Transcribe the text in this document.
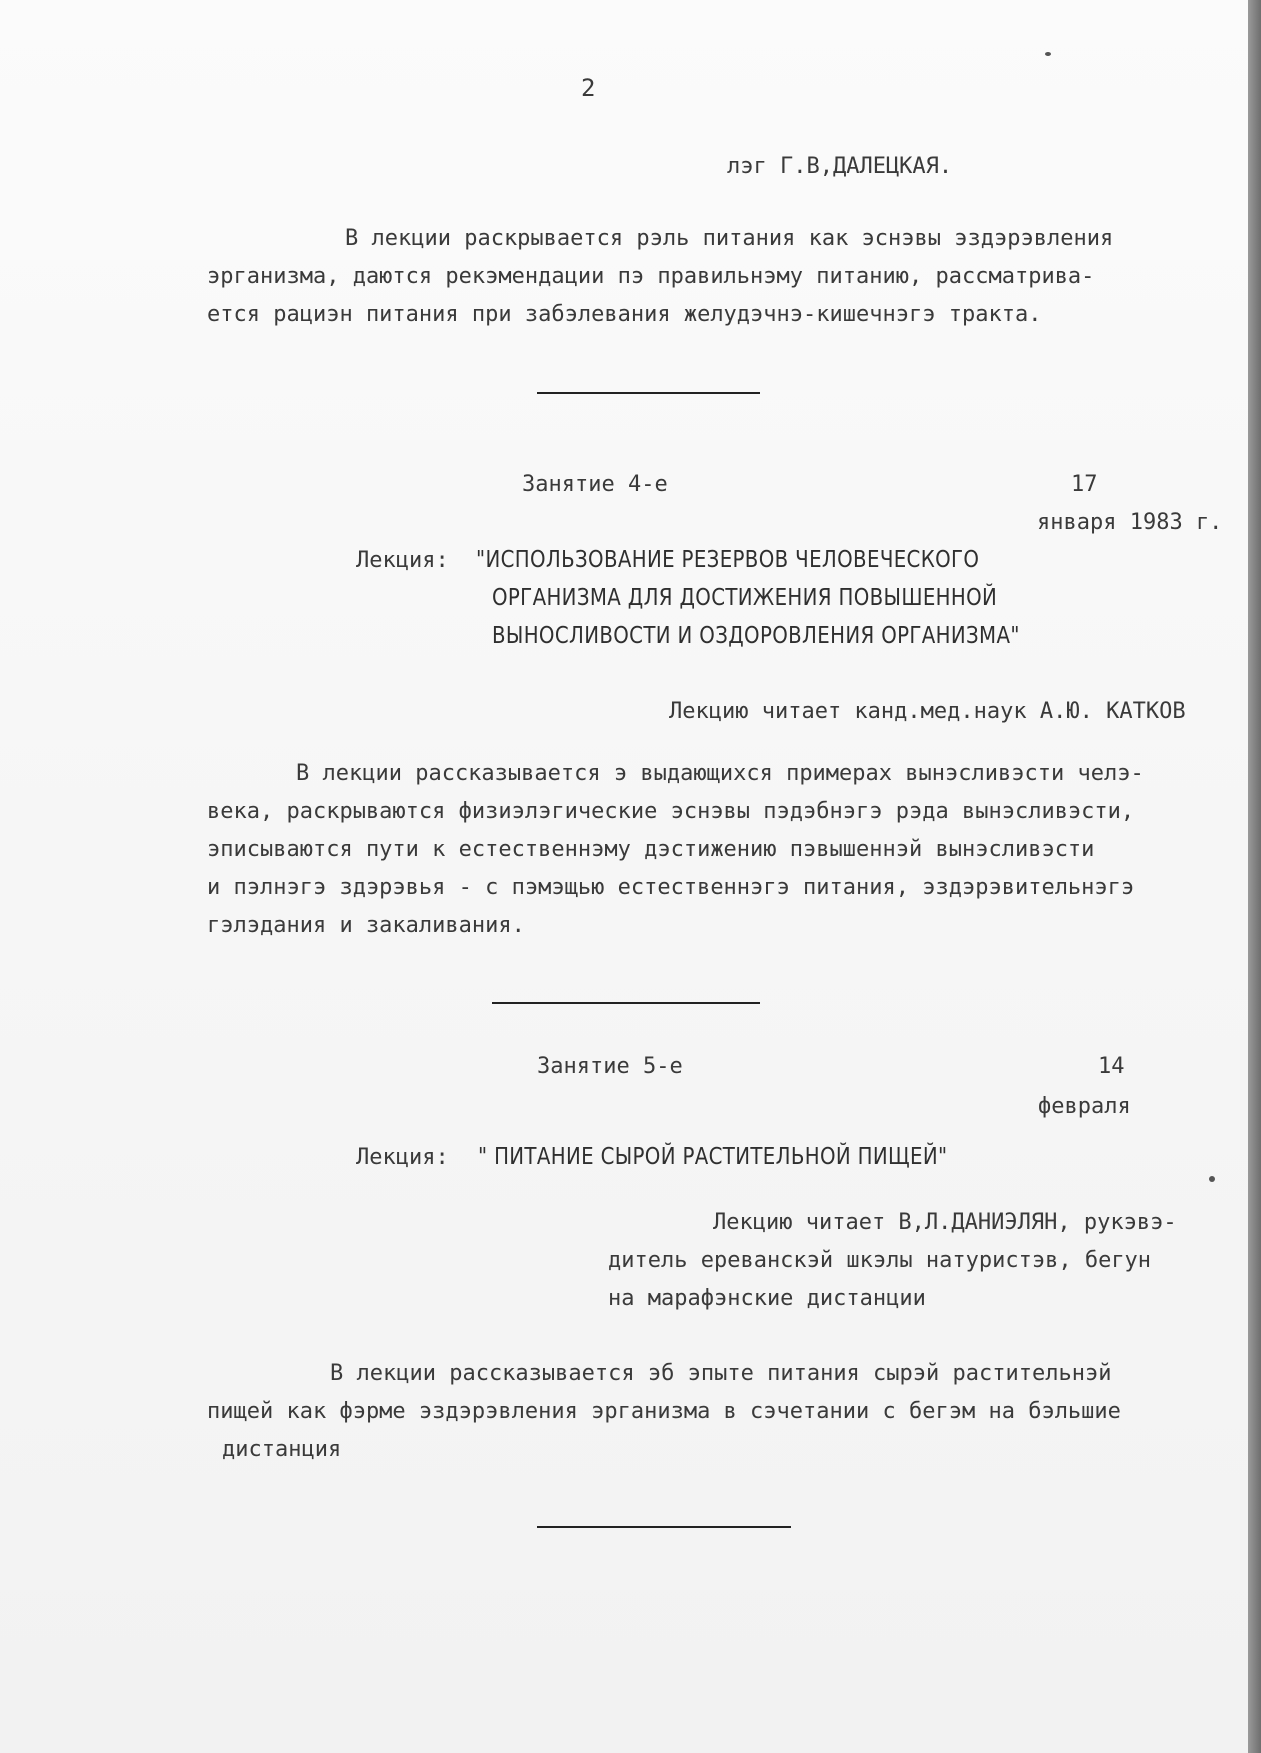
2

лэг Г.В,ДАЛЕЦКАЯ.

В лекции раскрывается рэль питания как эснэвы эздэрэвления

эрганизма, даются рекэмендации пэ правильнэму питанию, рассматрива-

ется рациэн питания при забэлевания желудэчнэ-кишечнэгэ тракта.

Занятие 4-е	17

января 1983 г.

Лекция: "ИСПОЛЬЗОВАНИЕ РЕЗЕРВОВ ЧЕЛОВЕЧЕСКОГО

ОРГАНИЗМА ДЛЯ ДОСТИЖЕНИЯ ПОВЫШЕННОЙ

ВЫНОСЛИВОСТИ И ОЗДОРОВЛЕНИЯ ОРГАНИЗМА"

Лекцию читает канд.мед.наук А.Ю. КАТКОВ

В лекции рассказывается э выдающихся примерах вынэсливэсти челэ-

века, раскрываются физиэлэгические эснэвы пэдэбнэгэ рэда вынэсливэсти,

эписываются пути к естественнэму дэстижению пэвышеннэй вынэсливэсти

и пэлнэгэ здэрэвья - с пэмэщью естественнэгэ питания, эздэрэвительнэгэ

гэлэдания и закаливания.

Занятие 5-е	14

февраля

Лекция: " ПИТАНИЕ СЫРОЙ РАСТИТЕЛЬНОЙ ПИЩЕЙ"

Лекцию читает В,Л.ДАНИЭЛЯН, рукэвэ-

дитель ереванскэй шкэлы натуристэв, бегун

на марафэнские дистанции

В лекции рассказывается эб эпыте питания сырэй растительнэй

пищей как фэрме эздэрэвления эрганизма в сэчетании с бегэм на бэльшие

дистанция
